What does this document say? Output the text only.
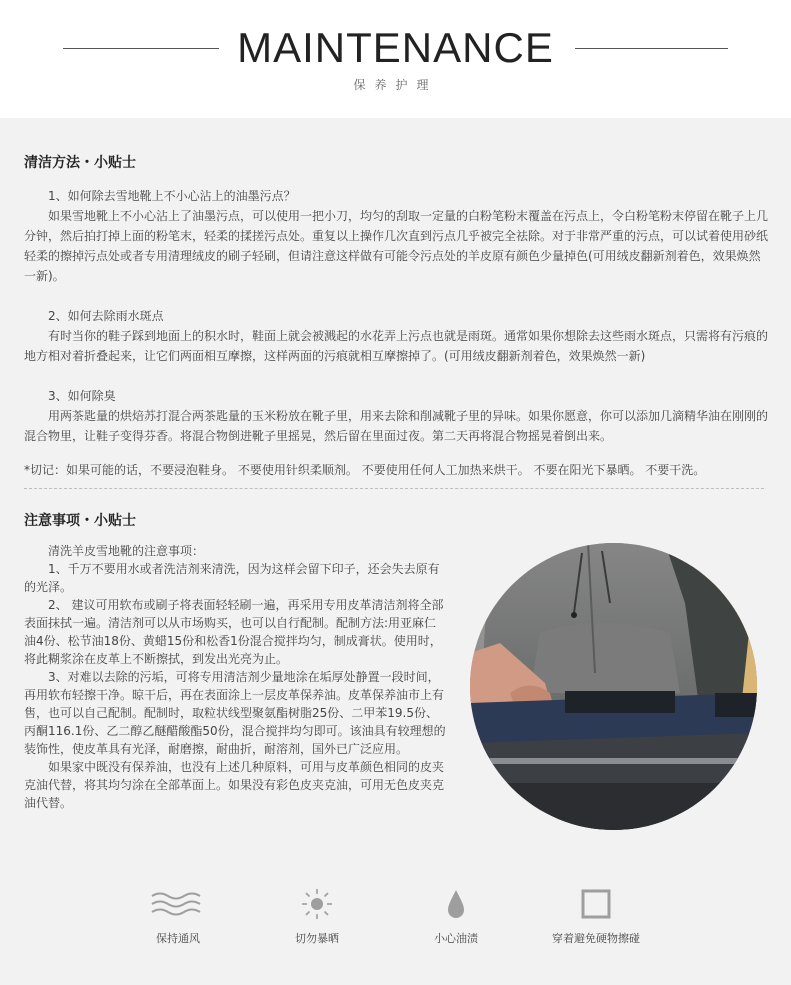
MAINTENANCE
保养护理
清洁方法・小贴士

1、如何除去雪地靴上不小心沾上的油墨污点？

如果雪地靴上不小心沾上了油墨污点，可以使用一把小刀，均匀的刮取一定量的白粉笔粉末覆盖在污点上，令白粉笔粉末停留在靴子上几分钟，然后拍打掉上面的粉笔末，轻柔的揉搓污点处。重复以上操作几次直到污点几乎被完全祛除。对于非常严重的污点，可以试着使用砂纸轻柔的擦掉污点处或者专用清理绒皮的刷子轻刷，但请注意这样做有可能令污点处的羊皮原有颜色少量掉色(可用绒皮翻新剂着色，效果焕然一新)。

2、如何去除雨水斑点

有时当你的鞋子踩到地面上的积水时，鞋面上就会被溅起的水花弄上污点也就是雨斑。通常如果你想除去这些雨水斑点，只需将有污痕的地方相对着折叠起来，让它们两面相互摩擦，这样两面的污痕就相互摩擦掉了。(可用绒皮翻新剂着色，效果焕然一新)

3、如何除臭

用两茶匙量的烘焙苏打混合两茶匙量的玉米粉放在靴子里，用来去除和削减靴子里的异味。如果你愿意，你可以添加几滴精华油在刚刚的混合物里，让鞋子变得芬香。将混合物倒进靴子里摇晃，然后留在里面过夜。第二天再将混合物摇晃着倒出来。

*切记：如果可能的话，不要浸泡鞋身。 不要使用针织柔顺剂。 不要使用任何人工加热来烘干。 不要在阳光下暴晒。 不要干洗。

注意事项・小贴士

清洗羊皮雪地靴的注意事项：

1、千万不要用水或者洗洁剂来清洗，因为这样会留下印子，还会失去原有的光泽。

2、 建议可用软布或刷子将表面轻轻刷一遍，再采用专用皮革清洁剂将全部表面抹拭一遍。清洁剂可以从市场购买，也可以自行配制。配制方法:用亚麻仁油4份、松节油18份、黄蜡15份和松香1份混合搅拌均匀，制成膏状。使用时，将此糊浆涂在皮革上不断擦拭，到发出光亮为止。

3、对难以去除的污垢，可将专用清洁剂少量地涂在垢厚处静置一段时间，再用软布轻擦干净。晾干后，再在表面涂上一层皮革保养油。皮革保养油市上有售，也可以自己配制。配制时，取粒状线型聚氨酯树脂25份、二甲苯19.5份、丙酮116.1份、乙二醇乙醚醋酸酯50份，混合搅拌均匀即可。该油具有较理想的装饰性，使皮革具有光泽，耐磨擦，耐曲折，耐溶剂，国外已广泛应用。

如果家中既没有保养油，也没有上述几种原料，可用与皮革颜色相同的皮夹克油代替，将其均匀涂在全部革面上。如果没有彩色皮夹克油，可用无色皮夹克油代替。

保持通风	切勿暴晒	小心油渍	穿着避免硬物擦碰
